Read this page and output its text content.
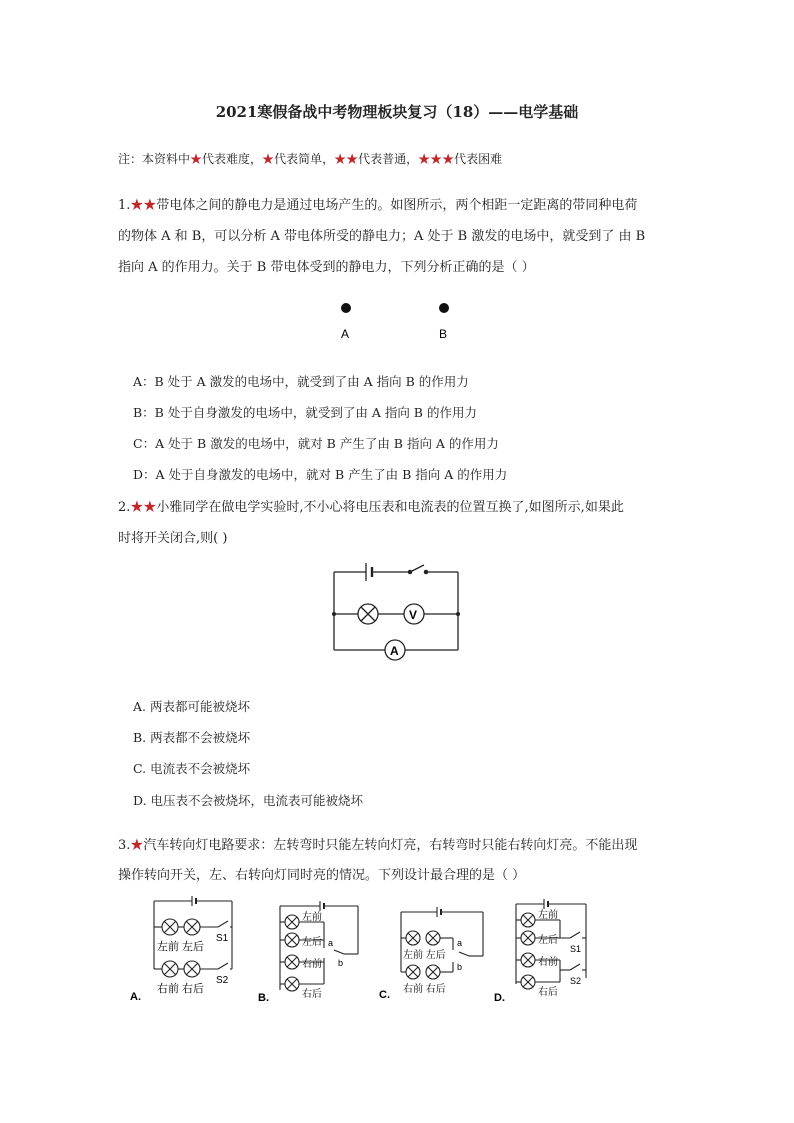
2021寒假备战中考物理板块复习（18）——电学基础
注：本资料中★代表难度，★代表简单，★★代表普通，★★★代表困难
1.★★带电体之间的静电力是通过电场产生的。如图所示，两个相距一定距离的带同种电荷
的物体 A 和 B，可以分析 A 带电体所受的静电力；A 处于 B 激发的电场中，就受到了 由 B
指向 A 的作用力。关于 B 带电体受到的静电力，下列分析正确的是（ ）
A	B
A：B 处于 A 激发的电场中，就受到了由 A 指向 B 的作用力
B：B 处于自身激发的电场中，就受到了由 A 指向 B 的作用力
C：A 处于 B 激发的电场中，就对 B 产生了由 B 指向 A 的作用力
D：A 处于自身激发的电场中，就对 B 产生了由 B 指向 A 的作用力
2.★★小雅同学在做电学实验时,不小心将电压表和电流表的位置互换了,如图所示,如果此
时将开关闭合,则( )
V
A
A. 两表都可能被烧坏
B. 两表都不会被烧坏
C. 电流表不会被烧坏
D. 电压表不会被烧坏，电流表可能被烧坏
3.★汽车转向灯电路要求：左转弯时只能左转向灯亮，右转弯时只能右转向灯亮。不能出现
操作转向开关，左、右转向灯同时亮的情况。下列设计最合理的是（ ）
左前 左后
右前 右后
S1
S2
A.
左前
左后
右前
右后
a
b
B.
左前 左后
右前 右后
a
b
C.
左前
左后
右前
右后
S1
S2
D.
